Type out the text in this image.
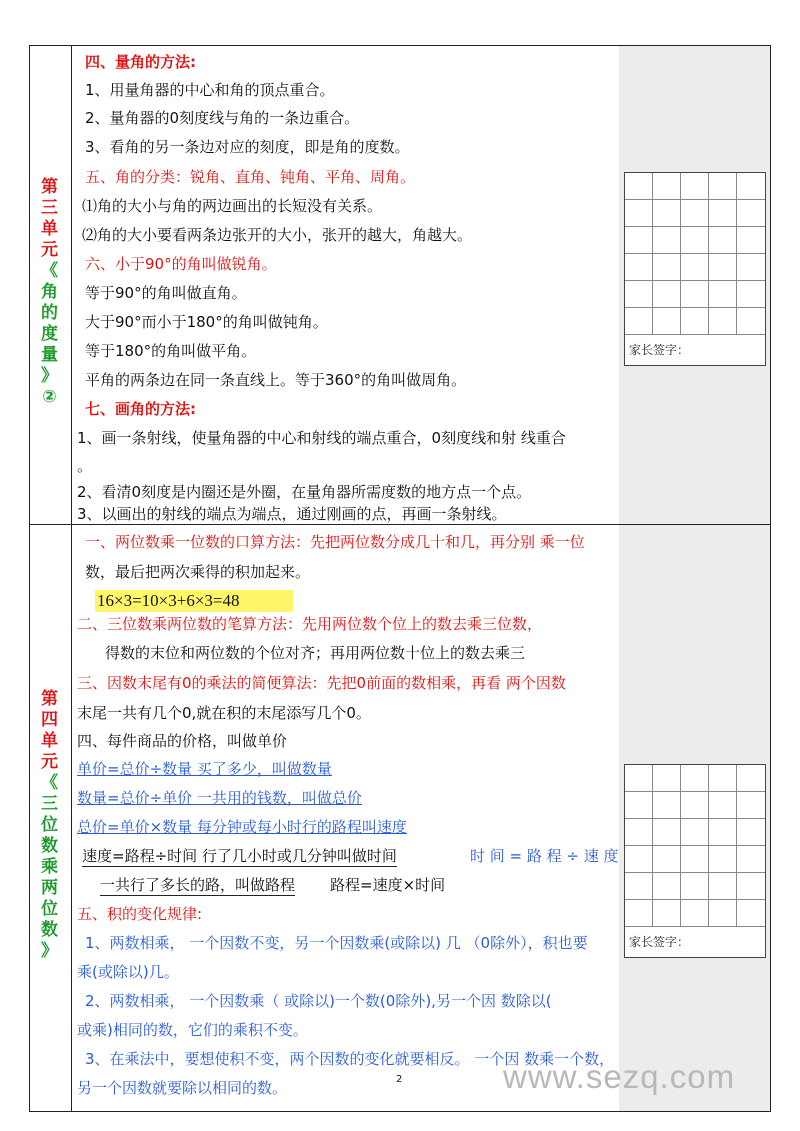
家长签字：
家长签字：
第
三
单
元
《
角
的
度
量
》
②
第
四
单
元
《
三
位
数
乘
两
位
数
》
四、量角的方法:
1、用量角器的中心和角的顶点重合。
2、量角器的0刻度线与角的一条边重合。
3、看角的另一条边对应的刻度，即是角的度数。
五、角的分类：锐角、直角、钝角、平角、周角。
⑴角的大小与角的两边画出的长短没有关系。
⑵角的大小要看两条边张开的大小，张开的越大，角越大。
六、小于90°的角叫做锐角。
等于90°的角叫做直角。
大于90°而小于180°的角叫做钝角。
等于180°的角叫做平角。
平角的两条边在同一条直线上。等于360°的角叫做周角。
七、画角的方法:
1、画一条射线，使量角器的中心和射线的端点重合，0刻度线和射 线重合
。
2、看清0刻度是内圈还是外圈，在量角器所需度数的地方点一个点。
3、以画出的射线的端点为端点，通过刚画的点，再画一条射线。
一、两位数乘一位数的口算方法：先把两位数分成几十和几，再分别 乘一位
数，最后把两次乘得的积加起来。
16×3=10×3+6×3=48
二、三位数乘两位数的笔算方法：先用两位数个位上的数去乘三位数，
得数的末位和两位数的个位对齐；再用两位数十位上的数去乘三
三、因数末尾有0的乘法的简便算法：先把0前面的数相乘，再看 两个因数
末尾一共有几个0,就在积的末尾添写几个0。
四、每件商品的价格，叫做单价
单价=总价÷数量 买了多少，叫做数量
数量=总价÷单价 一共用的钱数，叫做总价
总价=单价×数量 每分钟或每小时行的路程叫速度
速度=路程÷时间 行了几小时或几分钟叫做时间	时 间 = 路 程 ÷ 速 度
一共行了多长的路，叫做路程 路程=速度×时间
五、积的变化规律:
1、两数相乘， 一个因数不变，另一个因数乘(或除以) 几 （0除外），积也要
乘(或除以)几。
2、两数相乘， 一个因数乘（ 或除以)一个数(0除外),另一个因 数除以(
或乘)相同的数，它们的乘积不变。
3、在乘法中，要想使积不变，两个因数的变化就要相反。 一个因 数乘一个数，
另一个因数就要除以相同的数。	2	www.sezq.com
